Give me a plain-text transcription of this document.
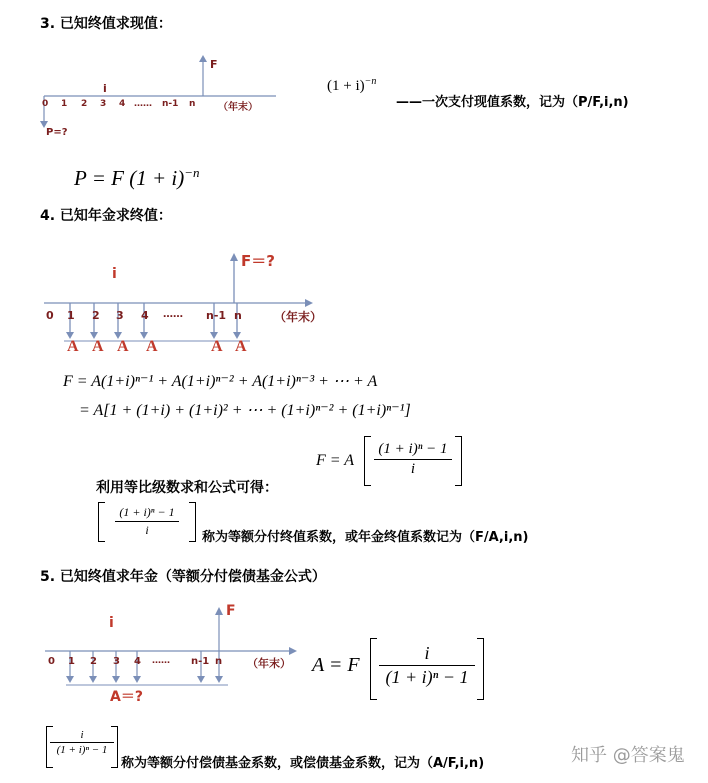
3. 已知终值求现值：
F
i
0 1 2 3 4 …… n-1 n （年末）
P=?
$(1 + i)^{-n}$
——一次支付现值系数，记为（P/F,i,n)
P = F $(1 + i)^{-n}$
4. 已知年金求终值：
F＝?
i
0 1 2 3 4 …… n-1 n	（年末）
A A A A	A A
F = A(1+i)ⁿ⁻¹ + A(1+i)ⁿ⁻² + A(1+i)ⁿ⁻³ + ⋯ + A
= A[1 + (1+i) + (1+i)² + ⋯ + (1+i)ⁿ⁻² + (1+i)ⁿ⁻¹]
F = A $\frac{\text{(1 + i)ⁿ − 1}}{i}$
利用等比级数求和公式可得：
$\frac{\text{(1 + i)ⁿ − 1}}{i}$ 称为等额分付终值系数，或年金终值系数记为（F/A,i,n)
5. 已知终值求年金（等额分付偿债基金公式）
F
i
0 1 2 3 4 …… n-1 n （年末）
A＝?
A = F $\frac{i}{\text{(1 + i)ⁿ − 1}}$
$\frac{i}{\text{(1 + i)ⁿ − 1}}$
称为等额分付偿债基金系数，或偿债基金系数，记为（A/F,i,n)	知乎 @答案鬼
